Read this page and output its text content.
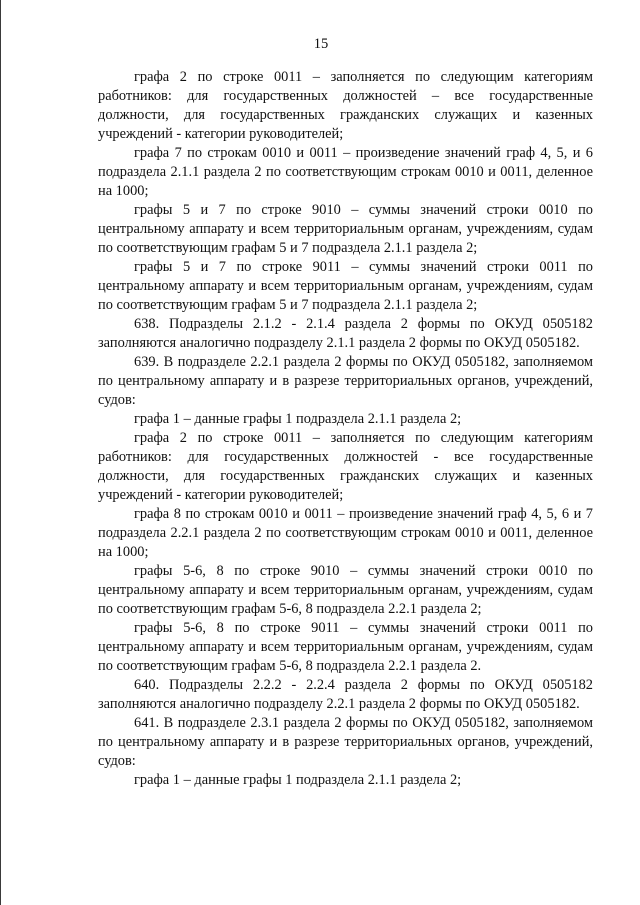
15

графа 2 по строке 0011 – заполняется по следующим категориям работников: для государственных должностей – все государственные должности, для государственных гражданских служащих и казенных учреждений - категории руководителей;

графа 7 по строкам 0010 и 0011 – произведение значений граф 4, 5, и 6 подраздела 2.1.1 раздела 2 по соответствующим строкам 0010 и 0011, деленное на 1000;

графы 5 и 7 по строке 9010 – суммы значений строки 0010 по центральному аппарату и всем территориальным органам, учреждениям, судам по соответствующим графам 5 и 7 подраздела 2.1.1 раздела 2;

графы 5 и 7 по строке 9011 – суммы значений строки 0011 по центральному аппарату и всем территориальным органам, учреждениям, судам по соответствующим графам 5 и 7 подраздела 2.1.1 раздела 2;

638. Подразделы 2.1.2 - 2.1.4 раздела 2 формы по ОКУД 0505182 заполняются аналогично подразделу 2.1.1 раздела 2 формы по ОКУД 0505182.

639. В подразделе 2.2.1 раздела 2 формы по ОКУД 0505182, заполняемом по центральному аппарату и в разрезе территориальных органов, учреждений, судов:

графа 1 – данные графы 1 подраздела 2.1.1 раздела 2;

графа 2 по строке 0011 – заполняется по следующим категориям работников: для государственных должностей - все государственные должности, для государственных гражданских служащих и казенных учреждений - категории руководителей;

графа 8 по строкам 0010 и 0011 – произведение значений граф 4, 5, 6 и 7 подраздела 2.2.1 раздела 2 по соответствующим строкам 0010 и 0011, деленное на 1000;

графы 5-6, 8 по строке 9010 – суммы значений строки 0010 по центральному аппарату и всем территориальным органам, учреждениям, судам по соответствующим графам 5-6, 8 подраздела 2.2.1 раздела 2;

графы 5-6, 8 по строке 9011 – суммы значений строки 0011 по центральному аппарату и всем территориальным органам, учреждениям, судам по соответствующим графам 5-6, 8 подраздела 2.2.1 раздела 2.

640. Подразделы 2.2.2 - 2.2.4 раздела 2 формы по ОКУД 0505182 заполняются аналогично подразделу 2.2.1 раздела 2 формы по ОКУД 0505182.

641. В подразделе 2.3.1 раздела 2 формы по ОКУД 0505182, заполняемом по центральному аппарату и в разрезе территориальных органов, учреждений, судов:

графа 1 – данные графы 1 подраздела 2.1.1 раздела 2;
